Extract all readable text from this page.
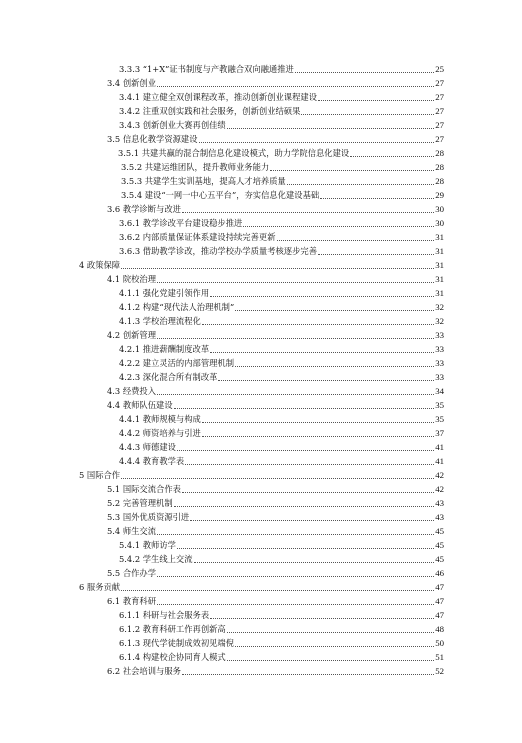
3.3.3 “1+X”证书制度与产教融合双向融通推进	25
3.4 创新创业	27
3.4.1 建立健全双创课程改革，推动创新创业课程建设	27
3.4.2 注重双创实践和社会服务，创新创业结硕果	27
3.4.3 创新创业大赛再创佳绩	27
3.5 信息化教学资源建设	27
3.5.1 共建共赢的混合制信息化建设模式，助力学院信息化建设	28
3.5.2 共建运维团队，提升教师业务能力	28
3.5.3 共建学生实训基地，提高人才培养质量	28
3.5.4 建设“一网一中心五平台”，夯实信息化建设基础	29
3.6 教学诊断与改进	30
3.6.1 教学诊改平台建设稳步推进	30
3.6.2 内部质量保证体系建设持续完善更新	31
3.6.3 借助教学诊改，推动学校办学质量考核逐步完善	31
4 政策保障	31
4.1 院校治理	31
4.1.1 强化党建引领作用	31
4.1.2 构建“现代法人治理机制”	32
4.1.3 学校治理流程化	32
4.2 创新管理	33
4.2.1 推进薪酬制度改革	33
4.2.2 建立灵活的内部管理机制	33
4.2.3 深化混合所有制改革	33
4.3 经费投入	34
4.4 教师队伍建设	35
4.4.1 教师规模与构成	35
4.4.2 师资培养与引进	37
4.4.3 师德建设	41
4.4.4 教育教学表	41
5 国际合作	42
5.1 国际交流合作表	42
5.2 完善管理机制	43
5.3 国外优质资源引进	43
5.4 师生交流	45
5.4.1 教师访学	45
5.4.2 学生线上交流	45
5.5 合作办学	46
6 服务贡献	47
6.1 教育科研	47
6.1.1 科研与社会服务表	47
6.1.2 教育科研工作再创新高	48
6.1.3 现代学徒制成效初见端倪	50
6.1.4 构建校企协同育人模式	51
6.2 社会培训与服务	52
